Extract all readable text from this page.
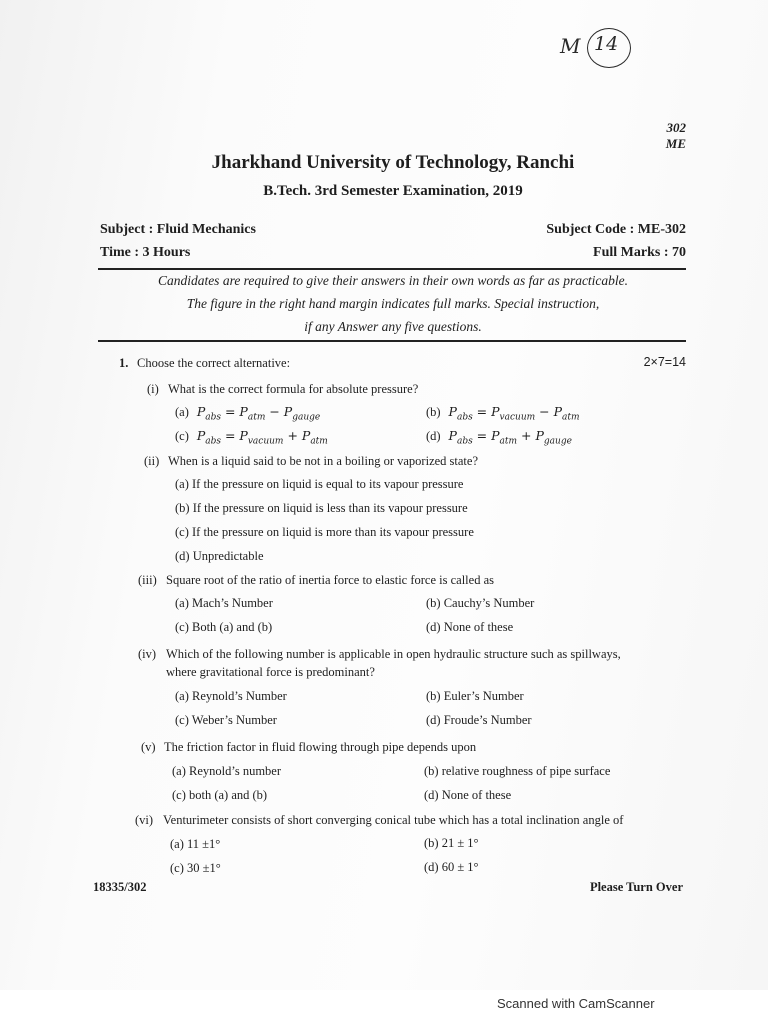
M 14
302
ME
Jharkhand University of Technology, Ranchi
B.Tech. 3rd Semester Examination, 2019
Subject : Fluid Mechanics	Subject Code : ME-302
Time : 3 Hours	Full Marks : 70
Candidates are required to give their answers in their own words as far as practicable.
The figure in the right hand margin indicates full marks. Special instruction,
if any Answer any five questions.
1. Choose the correct alternative:	2×7=14
(i) What is the correct formula for absolute pressure?
(a) $P_{abs} = P_{atm} - P_{gauge}$	(b) $P_{abs} = P_{vacuum} - P_{atm}$
(c) $P_{abs} = P_{vacuum} + P_{atm}$	(d) $P_{abs} = P_{atm} + P_{gauge}$
(ii) When is a liquid said to be not in a boiling or vaporized state?
(a) If the pressure on liquid is equal to its vapour pressure
(b) If the pressure on liquid is less than its vapour pressure
(c) If the pressure on liquid is more than its vapour pressure
(d) Unpredictable
(iii) Square root of the ratio of inertia force to elastic force is called as
(a) Mach’s Number	(b) Cauchy’s Number
(c) Both (a) and (b)	(d) None of these
(iv) Which of the following number is applicable in open hydraulic structure such as spillways,
where gravitational force is predominant?
(a) Reynold’s Number	(b) Euler’s Number
(c) Weber’s Number	(d) Froude’s Number
(v) The friction factor in fluid flowing through pipe depends upon
(a) Reynold’s number	(b) relative roughness of pipe surface
(c) both (a) and (b)	(d) None of these
(vi) Venturimeter consists of short converging conical tube which has a total inclination angle of
(a) 11 ±1°	(b) 21 ± 1°
(c) 30 ±1°	(d) 60 ± 1°
18335/302	Please Turn Over
Scanned with CamScanner
